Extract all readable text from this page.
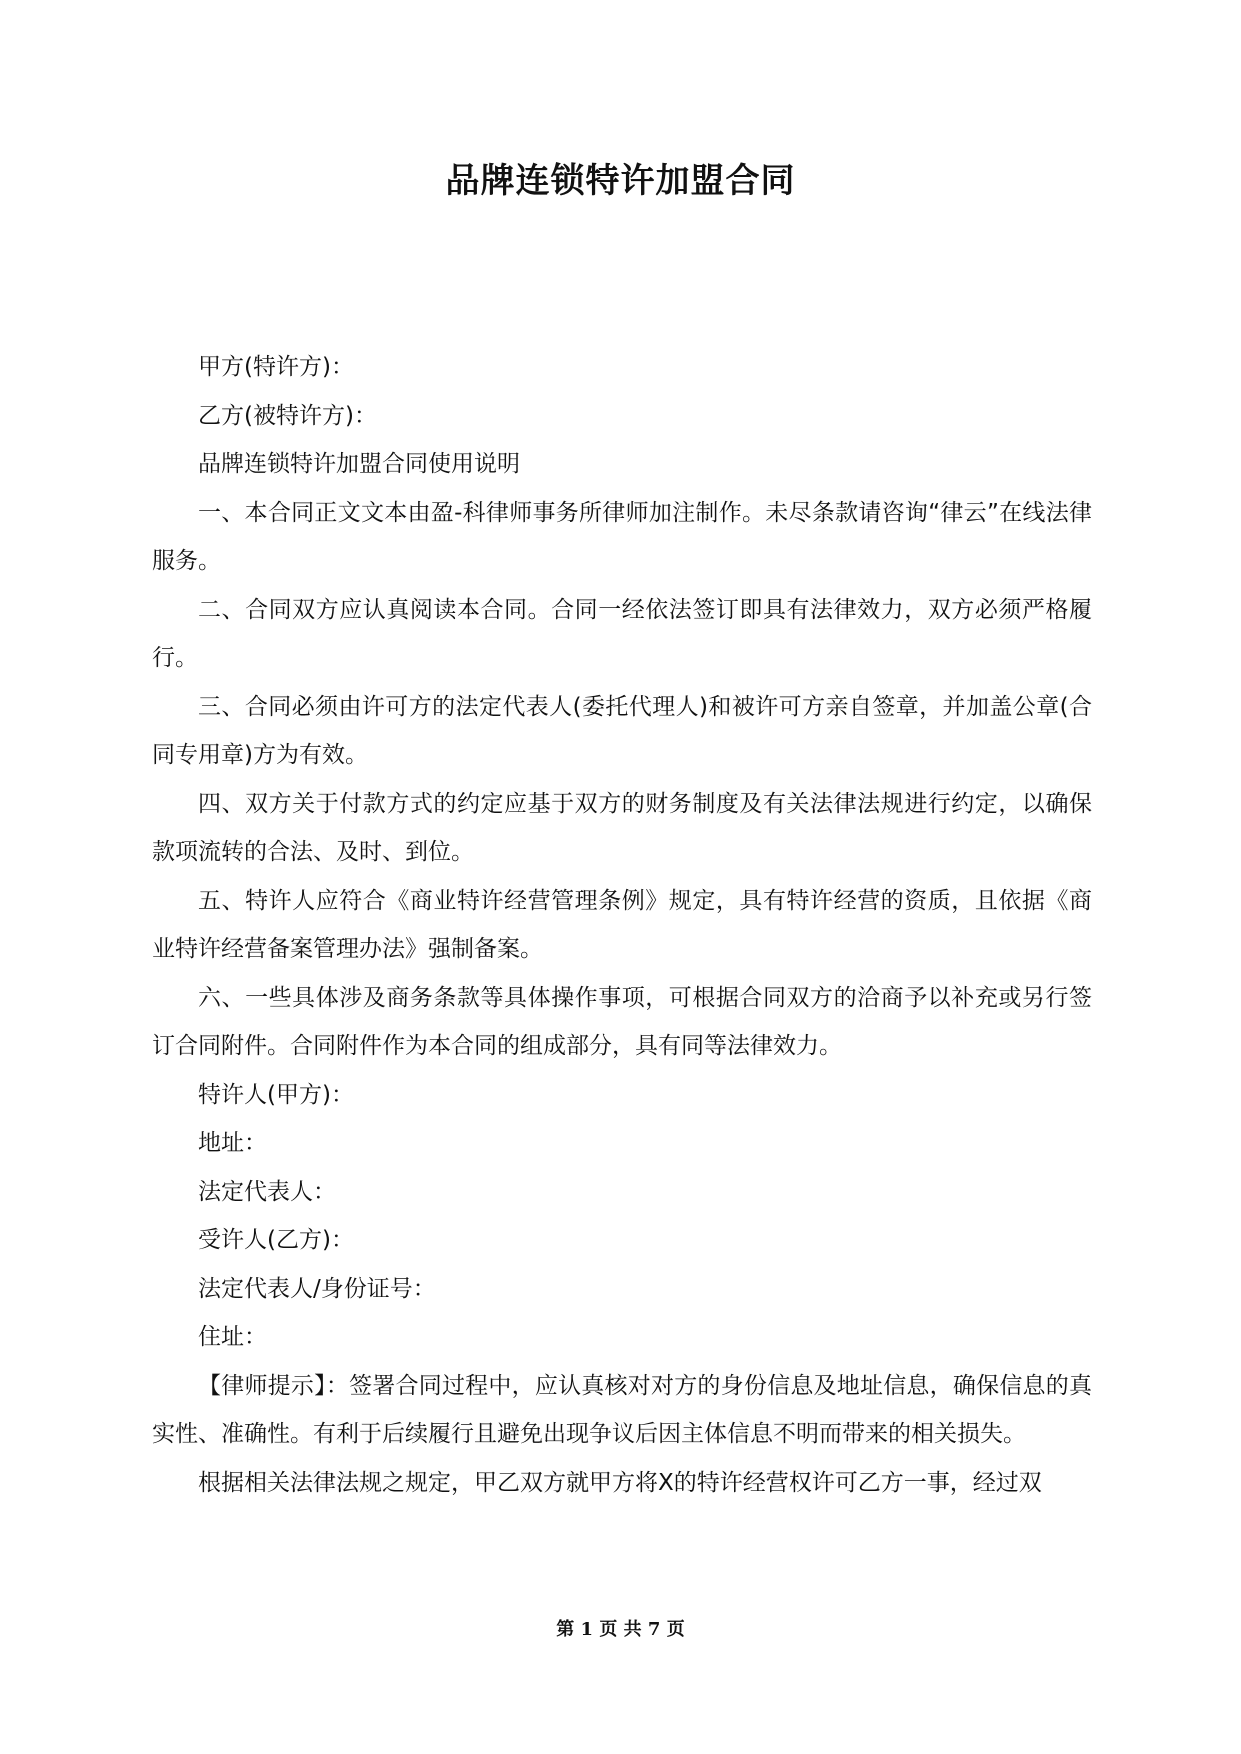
品牌连锁特许加盟合同

甲方(特许方)：

乙方(被特许方)：

品牌连锁特许加盟合同使用说明

一、本合同正文文本由盈-科律师事务所律师加注制作。未尽条款请咨询“律云”在线法律服务。

二、合同双方应认真阅读本合同。合同一经依法签订即具有法律效力，双方必须严格履行。

三、合同必须由许可方的法定代表人(委托代理人)和被许可方亲自签章，并加盖公章(合同专用章)方为有效。

四、双方关于付款方式的约定应基于双方的财务制度及有关法律法规进行约定，以确保款项流转的合法、及时、到位。

五、特许人应符合《商业特许经营管理条例》规定，具有特许经营的资质，且依据《商业特许经营备案管理办法》强制备案。

六、一些具体涉及商务条款等具体操作事项，可根据合同双方的洽商予以补充或另行签订合同附件。合同附件作为本合同的组成部分，具有同等法律效力。

特许人(甲方)：

地址：

法定代表人：

受许人(乙方)：

法定代表人/身份证号：

住址：

【律师提示】：签署合同过程中，应认真核对对方的身份信息及地址信息，确保信息的真实性、准确性。有利于后续履行且避免出现争议后因主体信息不明而带来的相关损失。

根据相关法律法规之规定，甲乙双方就甲方将X的特许经营权许可乙方一事，经过双

第 1 页 共 7 页
